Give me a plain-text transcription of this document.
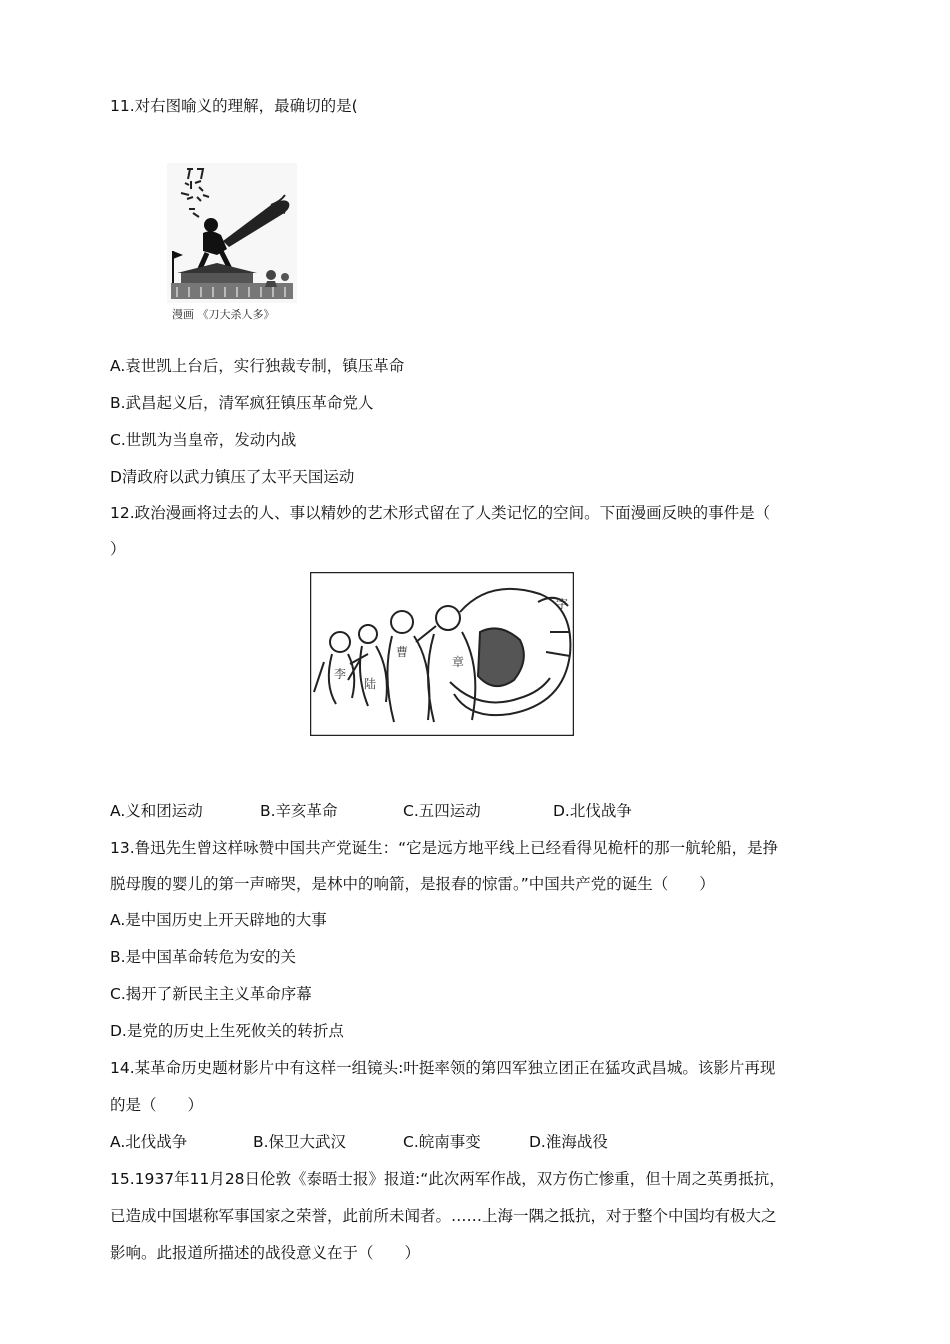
11.对右图喻义的理解，最确切的是(
漫画 《刀大杀人多》
A.袁世凯上台后，实行独裁专制，镇压革命
B.武昌起义后，清军疯狂镇压革命党人
C.世凯为当皇帝，发动内战
D清政府以武力镇压了太平天国运动
12.政治漫画将过去的人、事以精妙的艺术形式留在了人类记忆的空间。下面漫画反映的事件是（
）
李
陆
曹
章
字
A.义和团运动	B.辛亥革命	C.五四运动	D.北伐战争
13.鲁迅先生曾这样咏赞中国共产党诞生：“它是远方地平线上已经看得见桅杆的那一航轮船，是挣
脱母腹的婴儿的第一声啼哭，是林中的响箭，是报春的惊雷。”中国共产党的诞生（　　）
A.是中国历史上开天辟地的大事
B.是中国革命转危为安的关
C.揭开了新民主主义革命序幕
D.是党的历史上生死攸关的转折点
14.某革命历史题材影片中有这样一组镜头:叶挺率领的第四军独立团正在猛攻武昌城。该影片再现
的是（　　）
A.北伐战争	B.保卫大武汉	C.皖南事变	D.淮海战役
15.1937年11月28日伦敦《泰晤士报》报道:“此次两军作战，双方伤亡惨重，但十周之英勇抵抗，
已造成中国堪称军事国家之荣誉，此前所未闻者。……上海一隅之抵抗，对于整个中国均有极大之
影响。此报道所描述的战役意义在于（　　）
